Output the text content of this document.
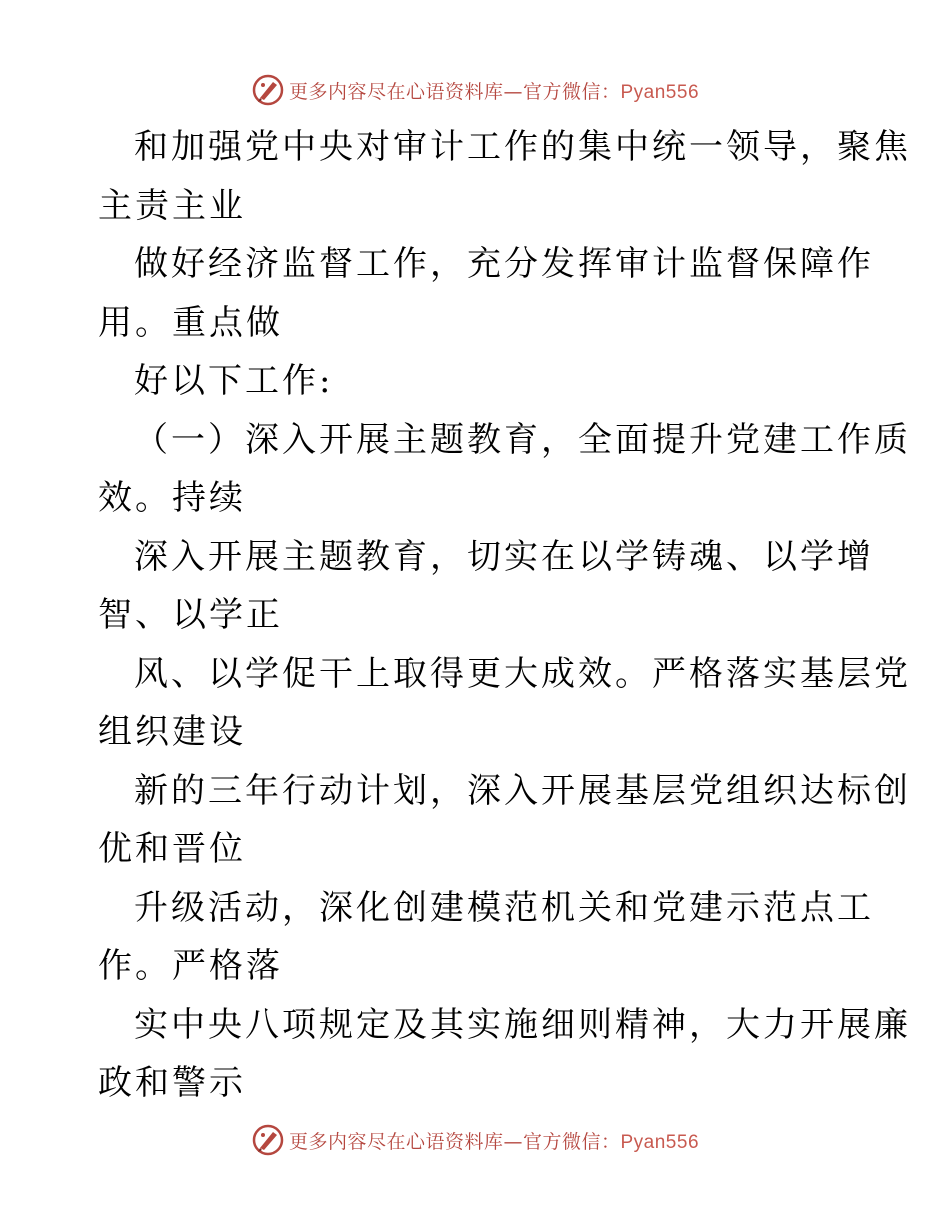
更多内容尽在心语资料库—官方微信：Pyan556
和加强党中央对审计工作的集中统一领导，聚焦
主责主业
做好经济监督工作，充分发挥审计监督保障作
用。重点做
好以下工作:
（一）深入开展主题教育，全面提升党建工作质
效。持续
深入开展主题教育，切实在以学铸魂、以学增
智、以学正
风、以学促干上取得更大成效。严格落实基层党
组织建设
新的三年行动计划，深入开展基层党组织达标创
优和晋位
升级活动，深化创建模范机关和党建示范点工
作。严格落
实中央八项规定及其实施细则精神，大力开展廉
政和警示
更多内容尽在心语资料库—官方微信：Pyan556
